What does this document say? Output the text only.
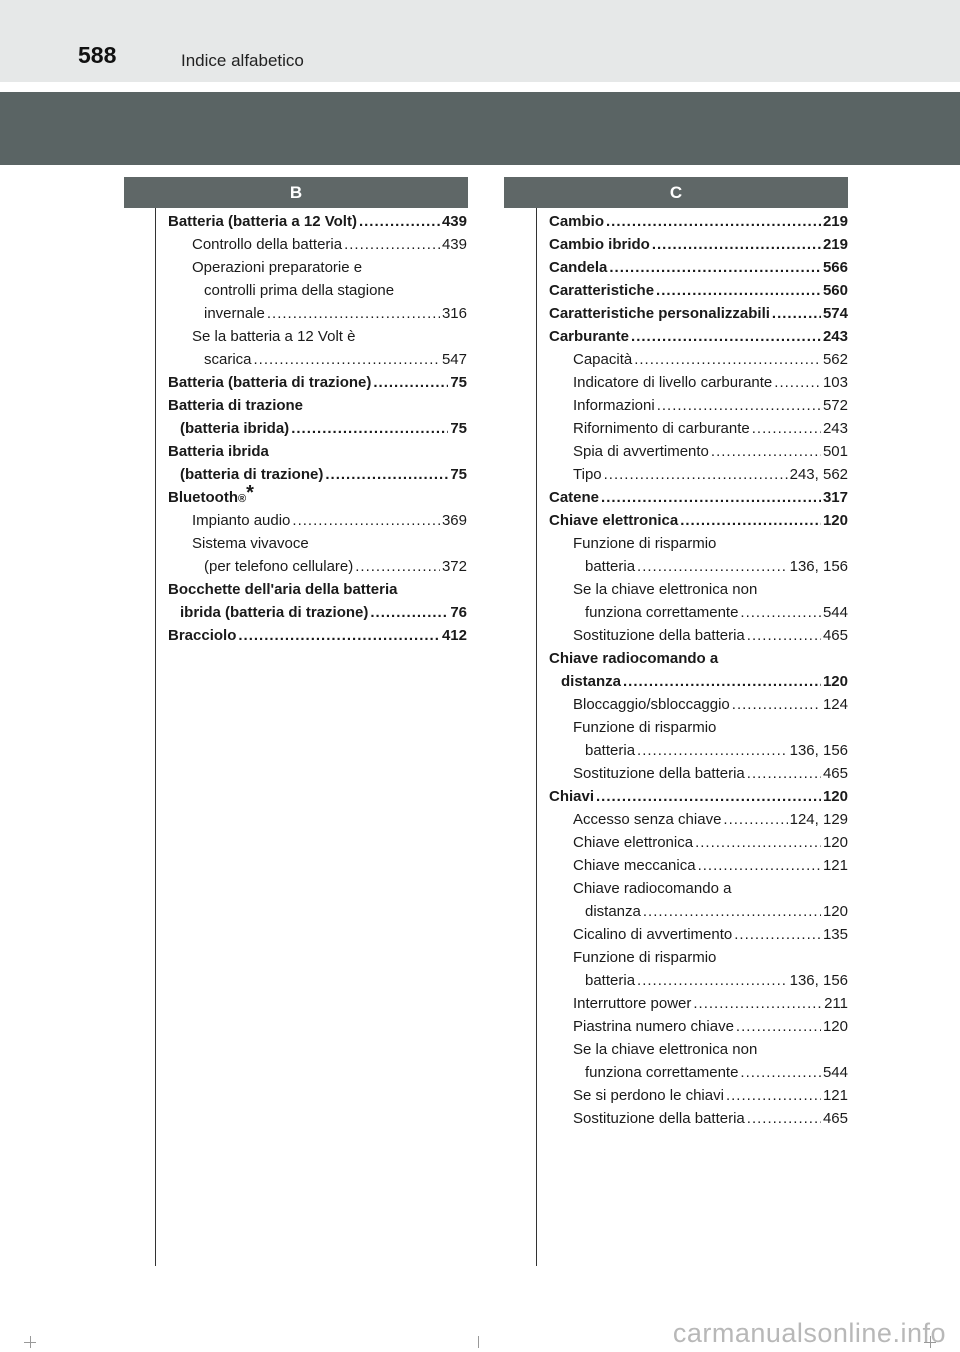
588	Indice alfabetico
B	C
Batteria (batteria a 12 Volt) .....	439
Controllo della batteria .....	439
Operazioni preparatorie e
controlli prima della stagione
invernale .....	316
Se la batteria a 12 Volt è
scarica .....	547
Batteria (batteria di trazione) .....	75
Batteria di trazione
(batteria ibrida) .....	75
Batteria ibrida
(batteria di trazione) .....	75
Bluetooth ® *
Impianto audio .....	369
Sistema vivavoce
(per telefono cellulare) .....	372
Bocchette dell'aria della batteria
ibrida (batteria di trazione) .....	76
Bracciolo .....	412
Cambio .....	219
Cambio ibrido .....	219
Candela .....	566
Caratteristiche .....	560
Caratteristiche personalizzabili .....	574
Carburante .....	243
Capacità .....	562
Indicatore di livello carburante .....	103
Informazioni .....	572
Rifornimento di carburante .....	243
Spia di avvertimento .....	501
Tipo .....	243, 562
Catene .....	317
Chiave elettronica .....	120
Funzione di risparmio
batteria .....	136, 156
Se la chiave elettronica non
funziona correttamente .....	544
Sostituzione della batteria .....	465
Chiave radiocomando a
distanza .....	120
Bloccaggio/sbloccaggio .....	124
Funzione di risparmio
batteria .....	136, 156
Sostituzione della batteria .....	465
Chiavi .....	120
Accesso senza chiave .....	124, 129
Chiave elettronica .....	120
Chiave meccanica .....	121
Chiave radiocomando a
distanza .....	120
Cicalino di avvertimento .....	135
Funzione di risparmio
batteria .....	136, 156
Interruttore power .....	211
Piastrina numero chiave .....	120
Se la chiave elettronica non
funziona correttamente .....	544
Se si perdono le chiavi .....	121
Sostituzione della batteria .....	465
carmanualsonline.info
